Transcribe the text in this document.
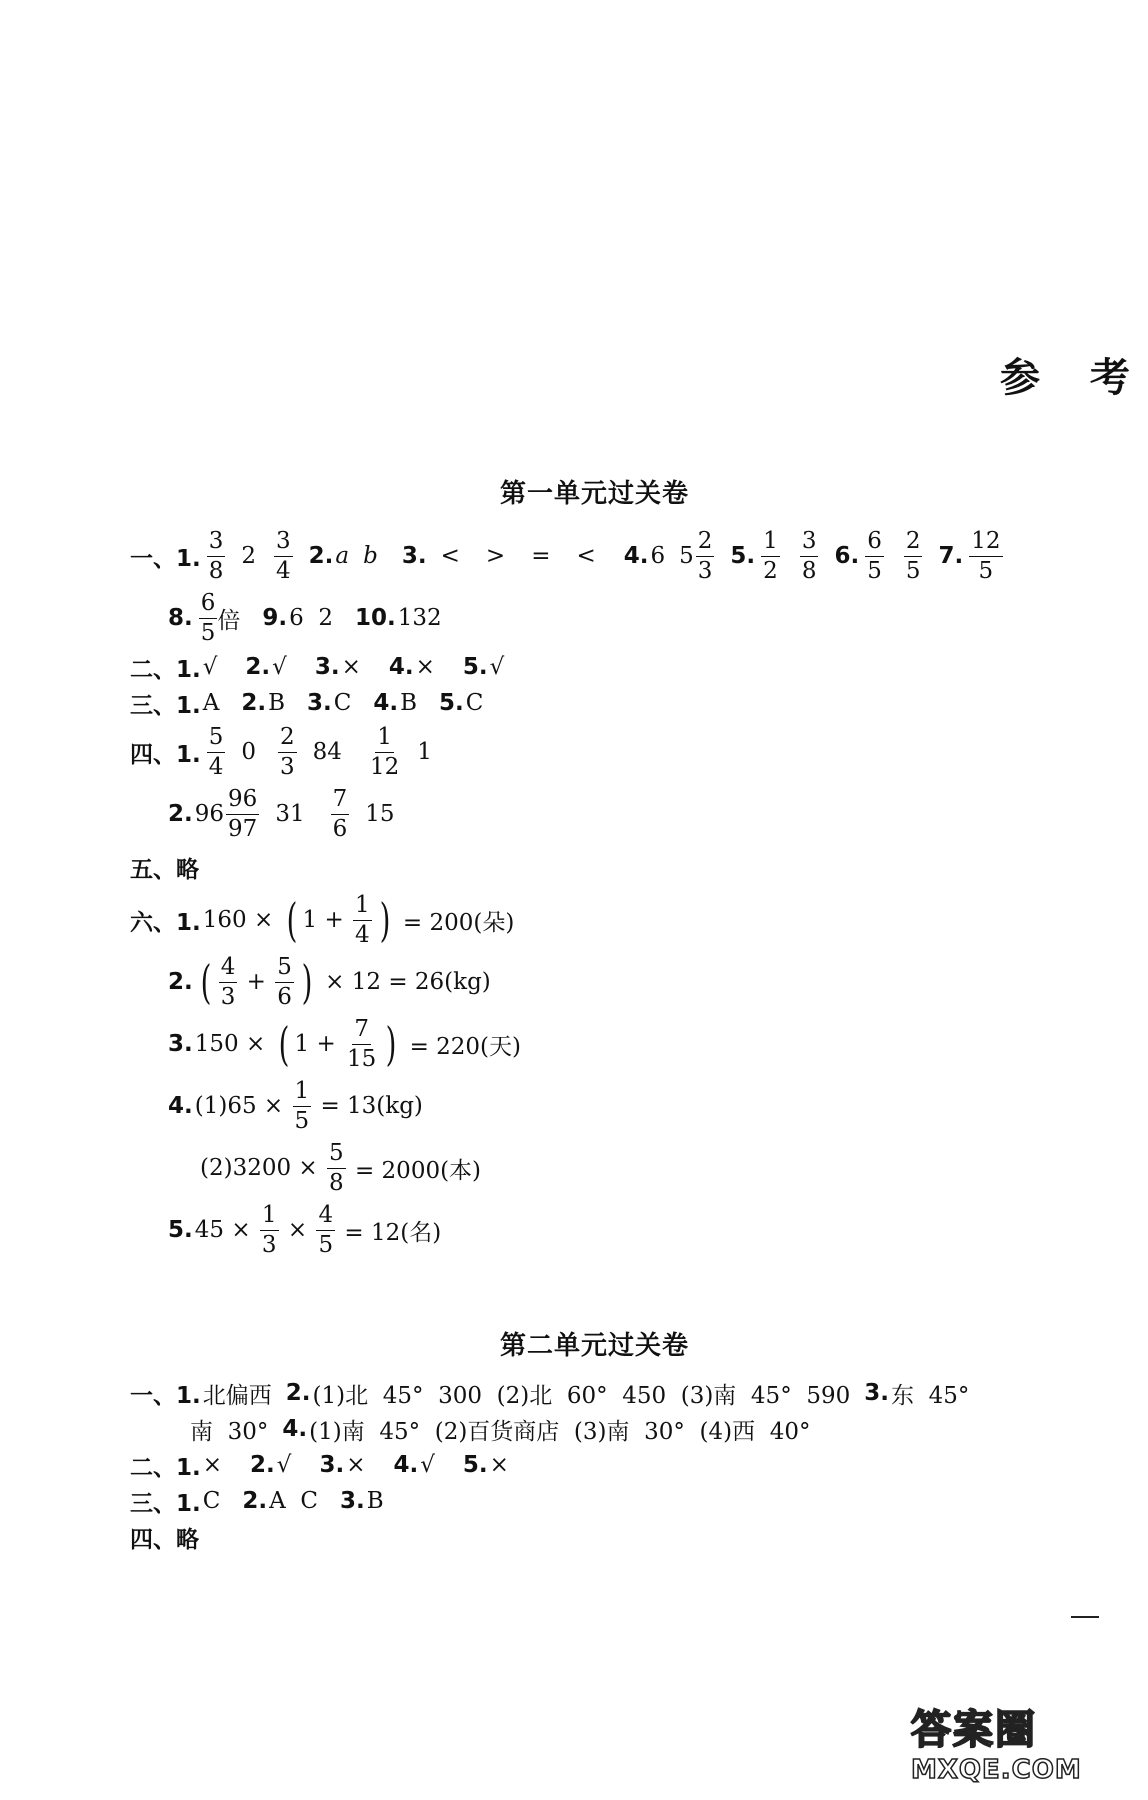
参 考
第一单元过关卷
一、1.
3
8
2
3
4
2. a b 3. < > = < 4. 6 5
2
3
5.
1
2
3
8
6.
6
5
2
5
7.
12
5
8.
6
5 倍 9. 6  2 10. 132
二、1. √ 2. √ 3. × 4. × 5. √
三、1. A 2. B 3. C 4. B 5. C
四、1.
5
4
0
2
3
84
1
12
1
2. 96
96
97
31
7
6
15
五、略
六、1. 160 × ( $1 + \frac{1}{4}$ ) = 200(朵)
2. ( 4
3
+ $\frac{5}{6}$ ) × 12 = 26(kg)
3. 150 × ( $1 + \frac{7}{15}$ ) = 220(天)
4. $(1)65 \times \frac{1}{5} = 13(kg)$
$(2)3200 \times \frac{5}{8} = 2000$(本)
5. $45 \times \frac{1}{3} \times \frac{4}{5} = 12$(名)
第二单元过关卷
一、1. 北偏西 2. (1)北  45°  300  (2)北  60°  450  (3)南  45°  590 3. 东  45°
南  30° 4. (1)南  45°  (2)百货商店  (3)南  30°  (4)西  40°
二、1. × 2. √ 3. × 4. √ 5. ×
三、1. C 2. A  C 3. B
四、略
答案圈
MXQE.COM
